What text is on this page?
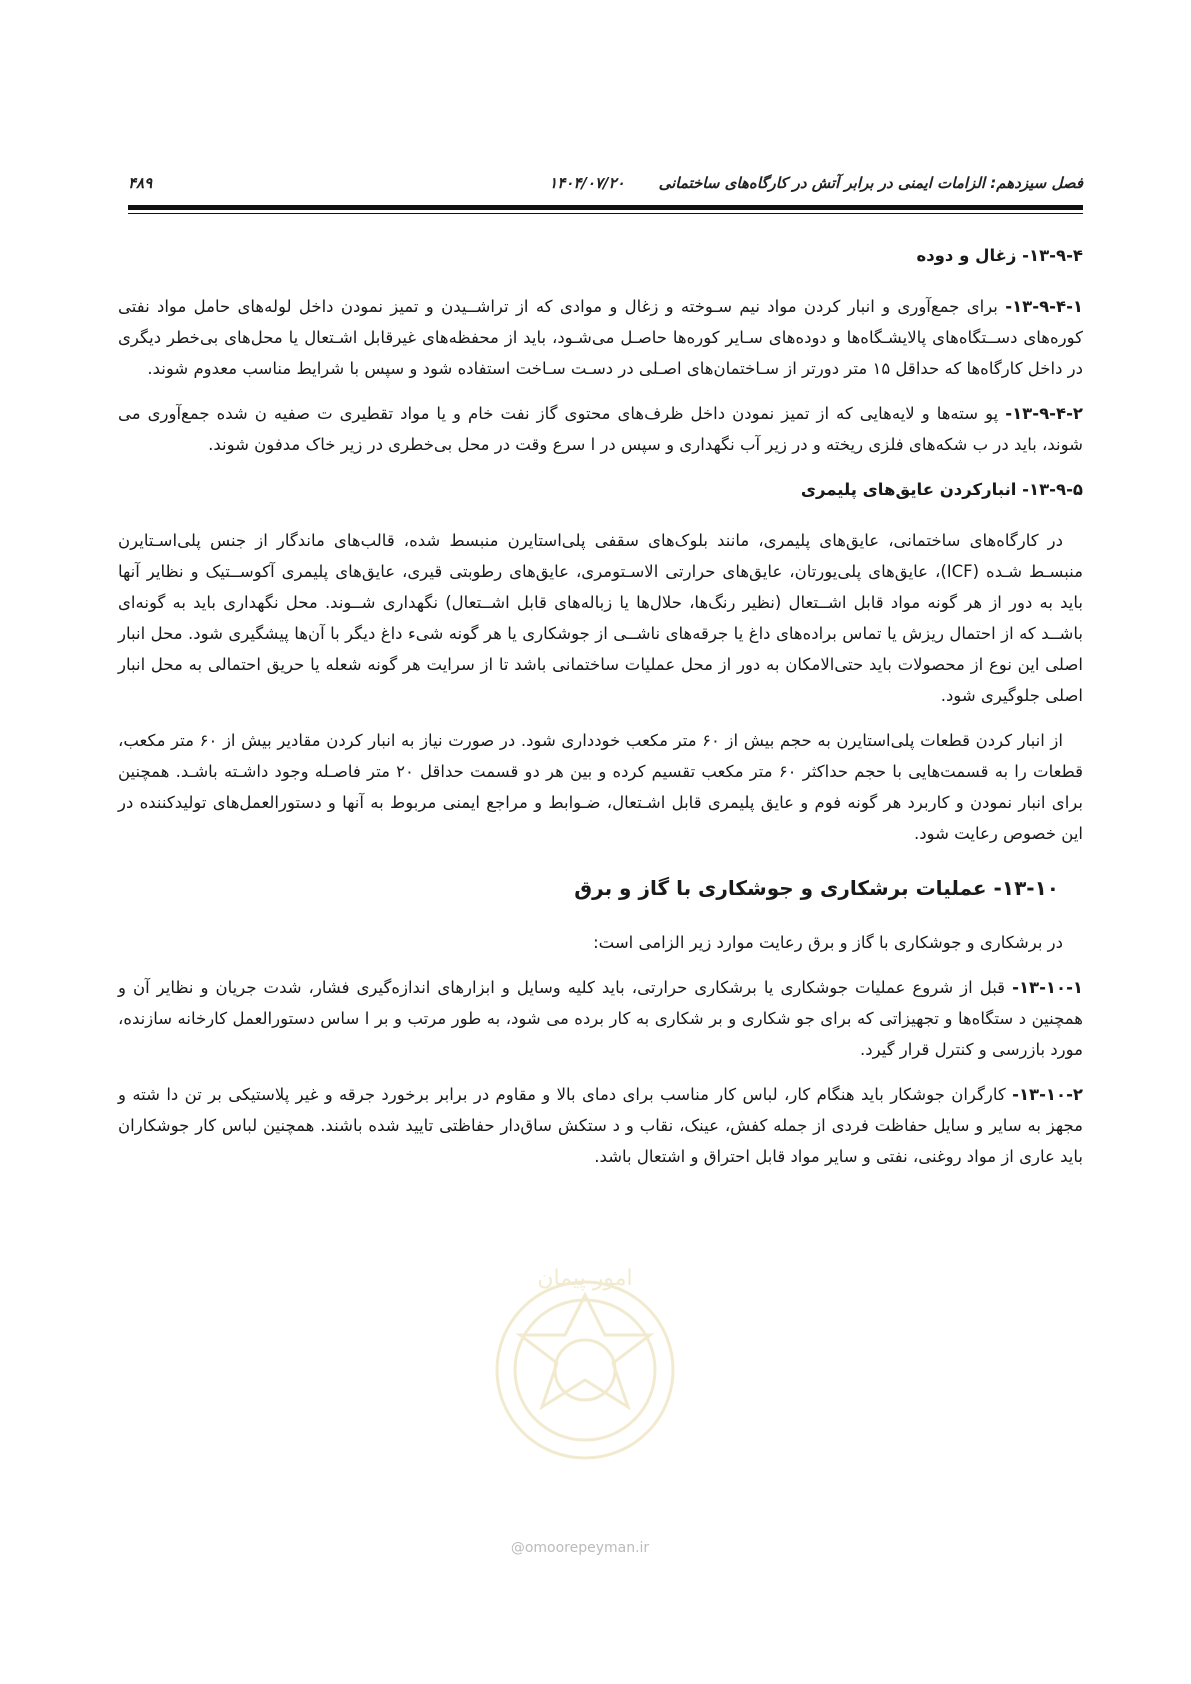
فصل سیزدهم: الزامات ایمنی در برابر آتش در کارگاه‌های ساختمانی
۱۴۰۴/۰۷/۲۰
۴۸۹
۱۳-۹-۴- زغال و دوده

۱۳-۹-۴-۱- برای جمع‌آوری و انبار کردن مواد نیم سـوخته و زغال و موادی که از تراشــیدن و تمیز نمودن داخل لوله‌های حامل مواد نفتی کوره‌های دســتگاه‌های پالایشـگاه‌ها و دوده‌های سـایر کوره‌ها حاصـل می‌شـود، باید از محفظه‌های غیرقابل اشـتعال یا محل‌های بی‌خطر دیگری در داخل کارگاه‌ها که حداقل ۱۵ متر دورتر از سـاختمان‌های اصـلی در دسـت سـاخت استفاده شود و سپس با شرایط مناسب معدوم شوند.

۱۳-۹-۴-۲- پو سته‌ها و لایه‌هایی که از تمیز نمودن داخل ظرف‌های محتوی گاز نفت خام و یا مواد تقطیری ت صفیه ن شده جمع‌آوری می شوند، باید در ب شکه‌های فلزی ریخته و در زیر آب نگهداری و سپس در ا سرع وقت در محل بی‌خطری در زیر خاک مدفون شوند.

۱۳-۹-۵- انبارکردن عایق‌های پلیمری

در کارگاه‌های ساختمانی، عایق‌های پلیمری، مانند بلوک‌های سقفی پلی‌استایرن منبسط شده، قالب‌های ماندگار از جنس پلی‌اسـتایرن منبسـط شـده (ICF)، عایق‌های پلی‌یورتان، عایق‌های حرارتی الاسـتومری، عایق‌های رطوبتی قیری، عایق‌های پلیمری آکوســتیک و نظایر آنها باید به دور از هر گونه مواد قابل اشــتعال (نظیر رنگ‌ها، حلال‌ها یا زباله‌های قابل اشــتعال) نگهداری شــوند. محل نگهداری باید به گونه‌ای باشــد که از احتمال ریزش یا تماس براده‌های داغ یا جرقه‌های ناشــی از جوشکاری یا هر گونه شیء داغ دیگر با آن‌ها پیشگیری شود. محل انبار اصلی این نوع از محصولات باید حتی‌الامکان به دور از محل عملیات ساختمانی باشد تا از سرایت هر گونه شعله یا حریق احتمالی به محل انبار اصلی جلوگیری شود.

از انبار کردن قطعات پلی‌استایرن به حجم بیش از ۶۰ متر مکعب خودداری شود. در صورت نیاز به انبار کردن مقادیر بیش از ۶۰ متر مکعب، قطعات را به قسمت‌هایی با حجم حداکثر ۶۰ متر مکعب تقسیم کرده و بین هر دو قسمت حداقل ۲۰ متر فاصـله وجود داشـته باشـد. همچنین برای انبار نمودن و کاربرد هر گونه فوم و عایق پلیمری قابل اشـتعال، ضـوابط و مراجع ایمنی مربوط به آنها و دستورالعمل‌های تولیدکننده در این خصوص رعایت شود.

۱۳-۱۰- عملیات برشکاری و جوشکاری با گاز و برق

در برشکاری و جوشکاری با گاز و برق رعایت موارد زیر الزامی است:

۱۳-۱۰-۱- قبل از شروع عملیات جوشکاری یا برشکاری حرارتی، باید کلیه وسایل و ابزارهای اندازه‌گیری فشار، شدت جریان و نظایر آن و همچنین د ستگاه‌ها و تجهیزاتی که برای جو شکاری و بر شکاری به کار برده می شود، به طور مرتب و بر ا ساس دستورالعمل کارخانه سازنده، مورد بازرسی و کنترل قرار گیرد.

۱۳-۱۰-۲- کارگران جوشکار باید هنگام کار، لباس کار مناسب برای دمای بالا و مقاوم در برابر برخورد جرقه و غیر پلاستیکی بر تن دا شته و مجهز به سایر و سایل حفاظت فردی از جمله کفش، عینک، نقاب و د ستکش ساق‌دار حفاظتی تایید شده باشند. همچنین لباس کار جوشکاران باید عاری از مواد روغنی، نفتی و سایر مواد قابل احتراق و اشتعال باشد.

امور پیمان
@omoorepeyman.ir
